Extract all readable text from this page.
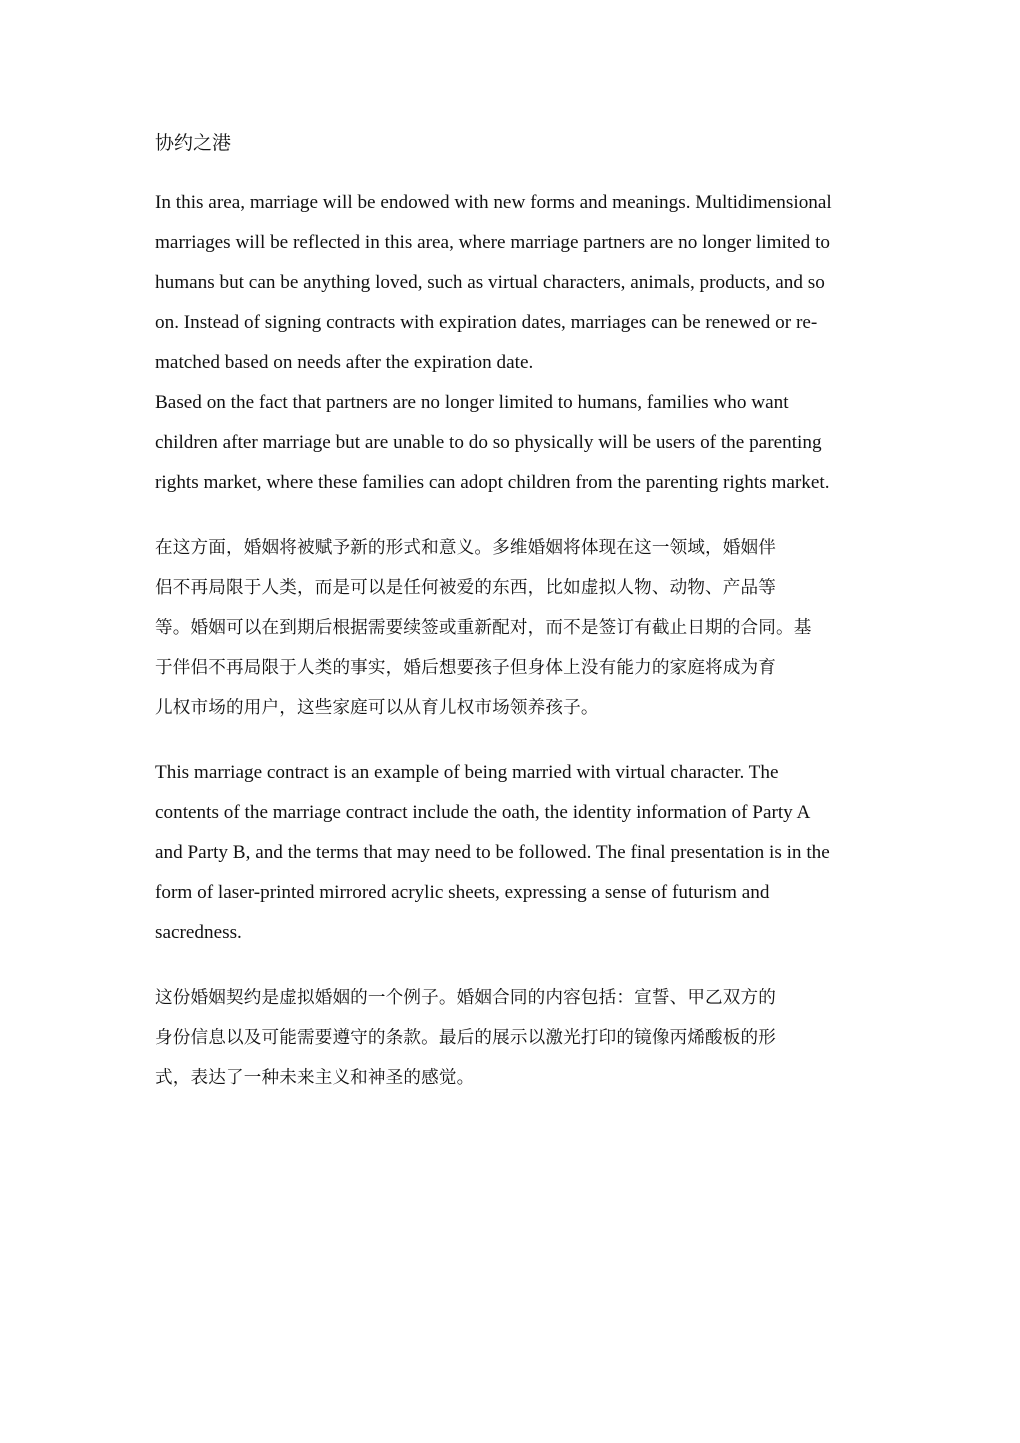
协约之港

In this area, marriage will be endowed with new forms and meanings. Multidimensional
marriages will be reflected in this area, where marriage partners are no longer limited to
humans but can be anything loved, such as virtual characters, animals, products, and so
on. Instead of signing contracts with expiration dates, marriages can be renewed or re-
matched based on needs after the expiration date.
Based on the fact that partners are no longer limited to humans, families who want
children after marriage but are unable to do so physically will be users of the parenting
rights market, where these families can adopt children from the parenting rights market.

在这方面，婚姻将被赋予新的形式和意义。多维婚姻将体现在这一领域，婚姻伴
侣不再局限于人类，而是可以是任何被爱的东西，比如虚拟人物、动物、产品等
等。婚姻可以在到期后根据需要续签或重新配对，而不是签订有截止日期的合同。基
于伴侣不再局限于人类的事实，婚后想要孩子但身体上没有能力的家庭将成为育
儿权市场的用户，这些家庭可以从育儿权市场领养孩子。

This marriage contract is an example of being married with virtual character. The
contents of the marriage contract include the oath, the identity information of Party A
and Party B, and the terms that may need to be followed. The final presentation is in the
form of laser-printed mirrored acrylic sheets, expressing a sense of futurism and
sacredness.

这份婚姻契约是虚拟婚姻的一个例子。婚姻合同的内容包括：宣誓、甲乙双方的
身份信息以及可能需要遵守的条款。最后的展示以激光打印的镜像丙烯酸板的形
式，表达了一种未来主义和神圣的感觉。
